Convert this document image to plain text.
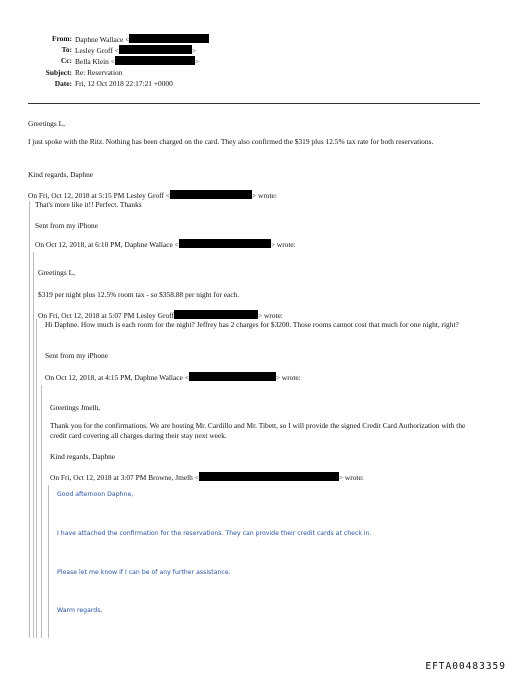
From: Daphne Wallace <
To: Lesley Groff <	>
Cc: Bella Klein <	>
Subject: Re: Reservation
Date: Fri, 12 Oct 2018 22:17:21 +0000
Greetings L,
I just spoke with the Ritz. Nothing has been charged on the card. They also confirmed the $319 plus 12.5% tax rate for both reservations.
Kind regards, Daphne
On Fri, Oct 12, 2018 at 5:15 PM Lesley Groff <	> wrote:
That's more like it!! Perfect. Thanks
Sent from my iPhone
On Oct 12, 2018, at 6:10 PM, Daphne Wallace <	> wrote:
Greetings L,
$319 per night plus 12.5% room tax - so $358.88 per night for each.
On Fri, Oct 12, 2018 at 5:07 PM Lesley Groff	> wrote:
Hi Daphne. How much is each room for the night? Jeffrey has 2 charges for $3200. Those rooms cannot cost that much for one night, right?
Sent from my iPhone
On Oct 12, 2018, at 4:15 PM, Daphne Wallace <	> wrote:
Greetings Jmelh,
Thank you for the confirmations. We are hosting Mr. Cardillo and Mr. Tibett, so I will provide the signed Credit Card Authorization with the credit card covering all charges during their stay next week.
Kind regards, Daphne
On Fri, Oct 12, 2018 at 3:07 PM Browne, Jmelh <	> wrote:
Good afternoon Daphne,
I have attached the confirmation for the reservations. They can provide their credit cards at check in.
Please let me know if I can be of any further assistance.
Warm regards,
EFTA00483359
